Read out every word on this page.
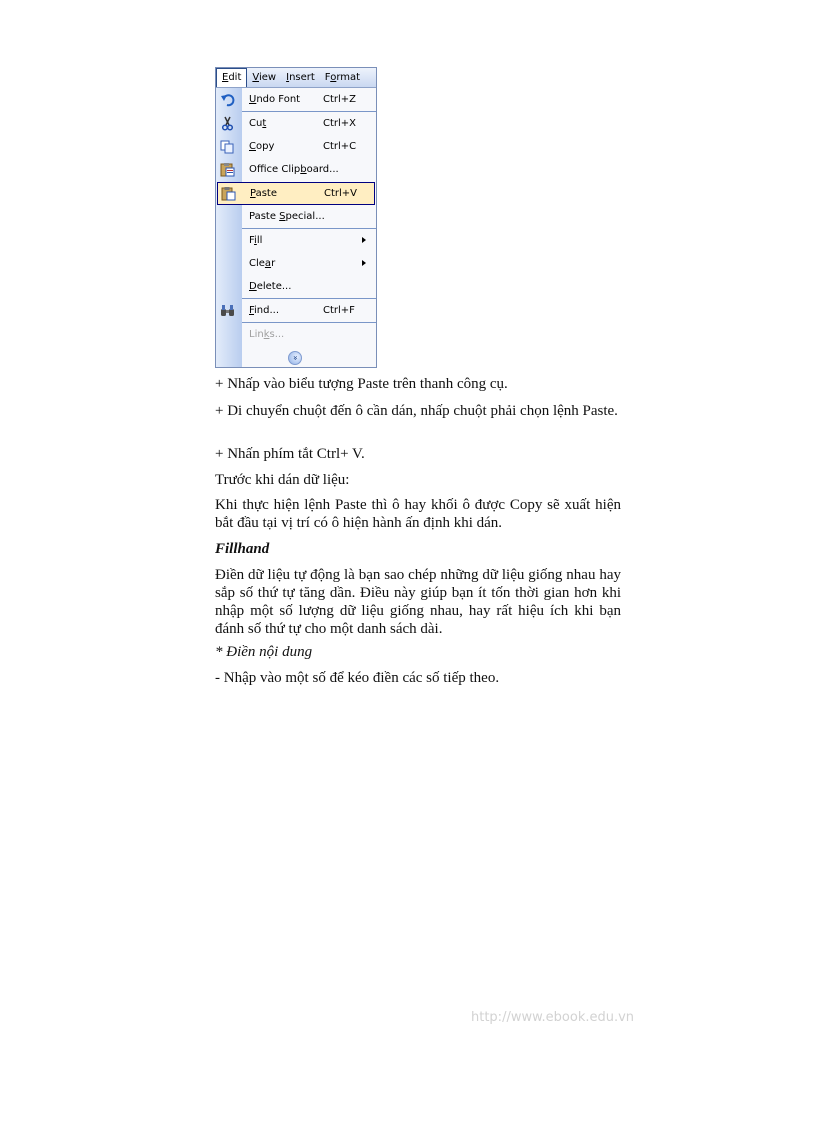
Edit	View	Insert	Format
Undo Font Ctrl+Z
Cut	Ctrl+X
Copy	Ctrl+C
Office Clipboard...
Paste	Ctrl+V
Paste Special...
Fill
Clear
Delete...
Find...	Ctrl+F
Links...
»

+ Nhấp vào biểu tượng Paste trên thanh công cụ.

+ Di chuyển chuột đến ô cần dán, nhấp chuột phải chọn lệnh Paste.

+ Nhấn phím tắt Ctrl+ V.

Trước khi dán dữ liệu:

Khi thực hiện lệnh Paste thì ô hay khối ô được Copy sẽ xuất hiện bắt đầu tại vị trí có ô hiện hành ấn định khi dán.

Fillhand

Điền dữ liệu tự động là bạn sao chép những dữ liệu giống nhau hay sắp số thứ tự tăng dần. Điều này giúp bạn ít tốn thời gian hơn khi nhập một số lượng dữ liệu giống nhau, hay rất hiệu ích khi bạn đánh số thứ tự cho một danh sách dài.

* Điền nội dung

- Nhập vào một số để kéo điền các số tiếp theo.

http://www.ebook.edu.vn
